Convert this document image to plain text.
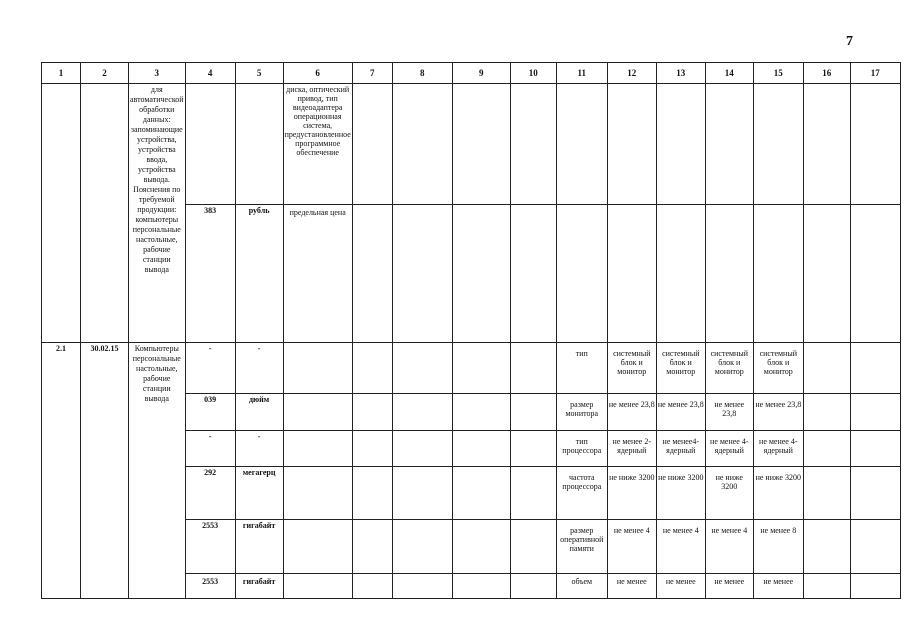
7
1	2	3	4	5	6	7	8	9	10	11	12	13	14	15	16	17
		для автоматической обработки данных: запоминающие устройства, устройства ввода, устройства вывода. Пояснения по требуемой продукции: компьютеры персональные настольные, рабочие станции вывода			диска, оптический привод, тип видеоадаптера операционная система, предустановленное программное обеспечение											
			383	рубль	предельная цена											
2.1	30.02.15	Компьютеры персональные настольные, рабочие станции вывода	-	-						тип	системный блок и монитор	системный блок и монитор	системный блок и монитор	системный блок и монитор		
			039	дюйм						размер монитора	не менее 23,8	не менее 23,8	не менее 23,8	не менее 23,8		
			-	-						тип процессора	не менее 2-ядерный	не менее4-ядерный	не менее 4-ядерный	не менее 4-ядерный		
			292	мегагерц						частота процессора	не ниже 3200	не ниже 3200	не ниже 3200	не ниже 3200		
			2553	гигабайт						размер оперативной памяти	не менее 4	не менее 4	не менее 4	не менее 8		
			2553	гигабайт						объем	не менее	не менее	не менее	не менее		
